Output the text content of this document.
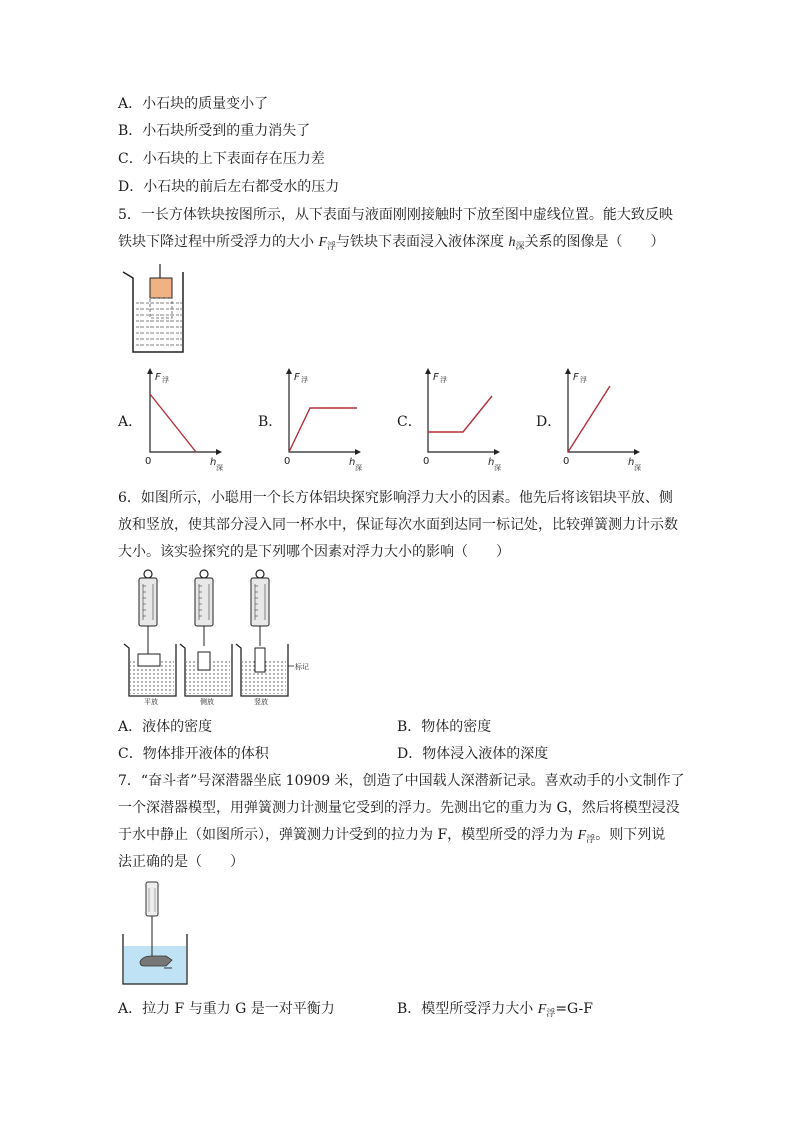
A．小石块的质量变小了
B．小石块所受到的重力消失了
C．小石块的上下表面存在压力差
D．小石块的前后左右都受水的压力
5．一长方体铁块按图所示，从下表面与液面刚刚接触时下放至图中虚线位置。能大致反映
铁块下降过程中所受浮力的大小 $F_浮$与铁块下表面浸入液体深度 $h_深$关系的图像是（　　）
A．	B．	C．	D．
F 浮
0	h 深
F 浮
0	h 深
F 浮
0	h 深
F 浮
0	h 深
6．如图所示，小聪用一个长方体铝块探究影响浮力大小的因素。他先后将该铝块平放、侧
放和竖放，使其部分浸入同一杯水中，保证每次水面到达同一标记处，比较弹簧测力计示数
大小。该实验探究的是下列哪个因素对浮力大小的影响（　　）
标记
平放	侧放	竖放
A．液体的密度	B．物体的密度
C．物体排开液体的体积	D．物体浸入液体的深度
7．“奋斗者”号深潜器坐底 10909 米，创造了中国载人深潜新记录。喜欢动手的小文制作了
一个深潜器模型，用弹簧测力计测量它受到的浮力。先测出它的重力为 G，然后将模型浸没
于水中静止（如图所示），弹簧测力计受到的拉力为 F，模型所受的浮力为 $F_浮$。则下列说
法正确的是（　　）
A．拉力 F 与重力 G 是一对平衡力	B．模型所受浮力大小 $F_浮=G-F$
